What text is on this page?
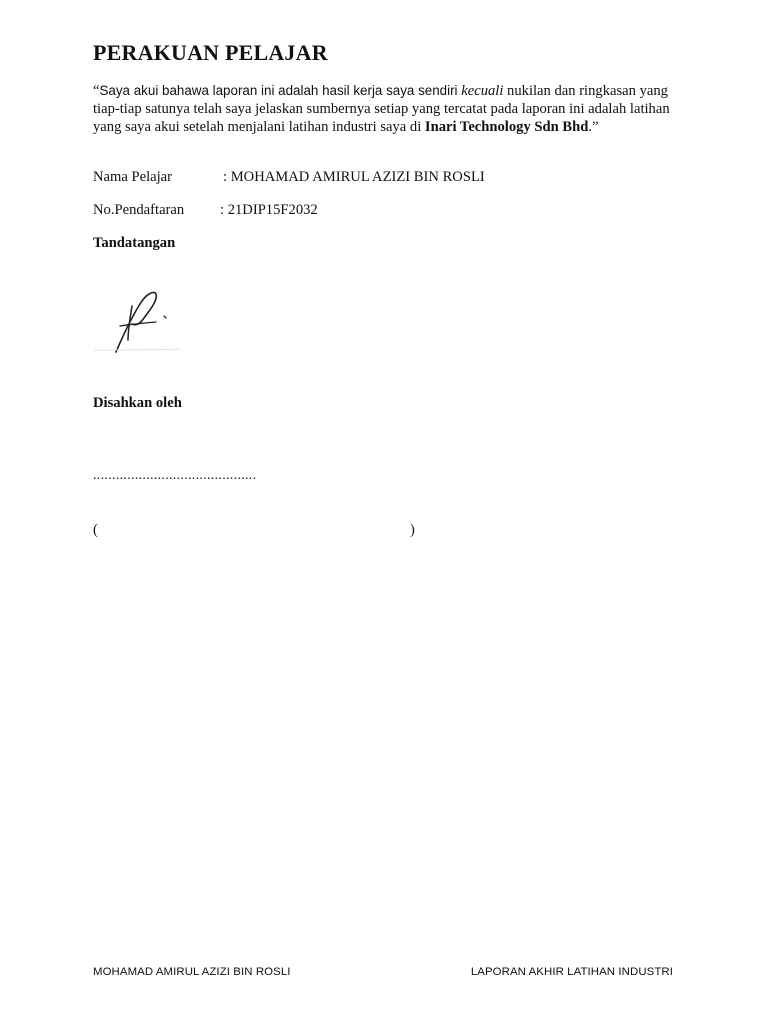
PERAKUAN PELAJAR

“Saya akui bahawa laporan ini adalah hasil kerja saya sendiri kecuali nukilan dan ringkasan yang tiap-tiap satunya telah saya jelaskan sumbernya setiap yang tercatat pada laporan ini adalah latihan yang saya akui setelah menjalani latihan industri saya di Inari Technology Sdn Bhd.”

Nama Pelajar	: MOHAMAD AMIRUL AZIZI BIN ROSLI
No.Pendaftaran : 21DIP15F2032
Tandatangan
Disahkan oleh
...........................................
(	)
MOHAMAD AMIRUL AZIZI BIN ROSLI	LAPORAN AKHIR LATIHAN INDUSTRI
